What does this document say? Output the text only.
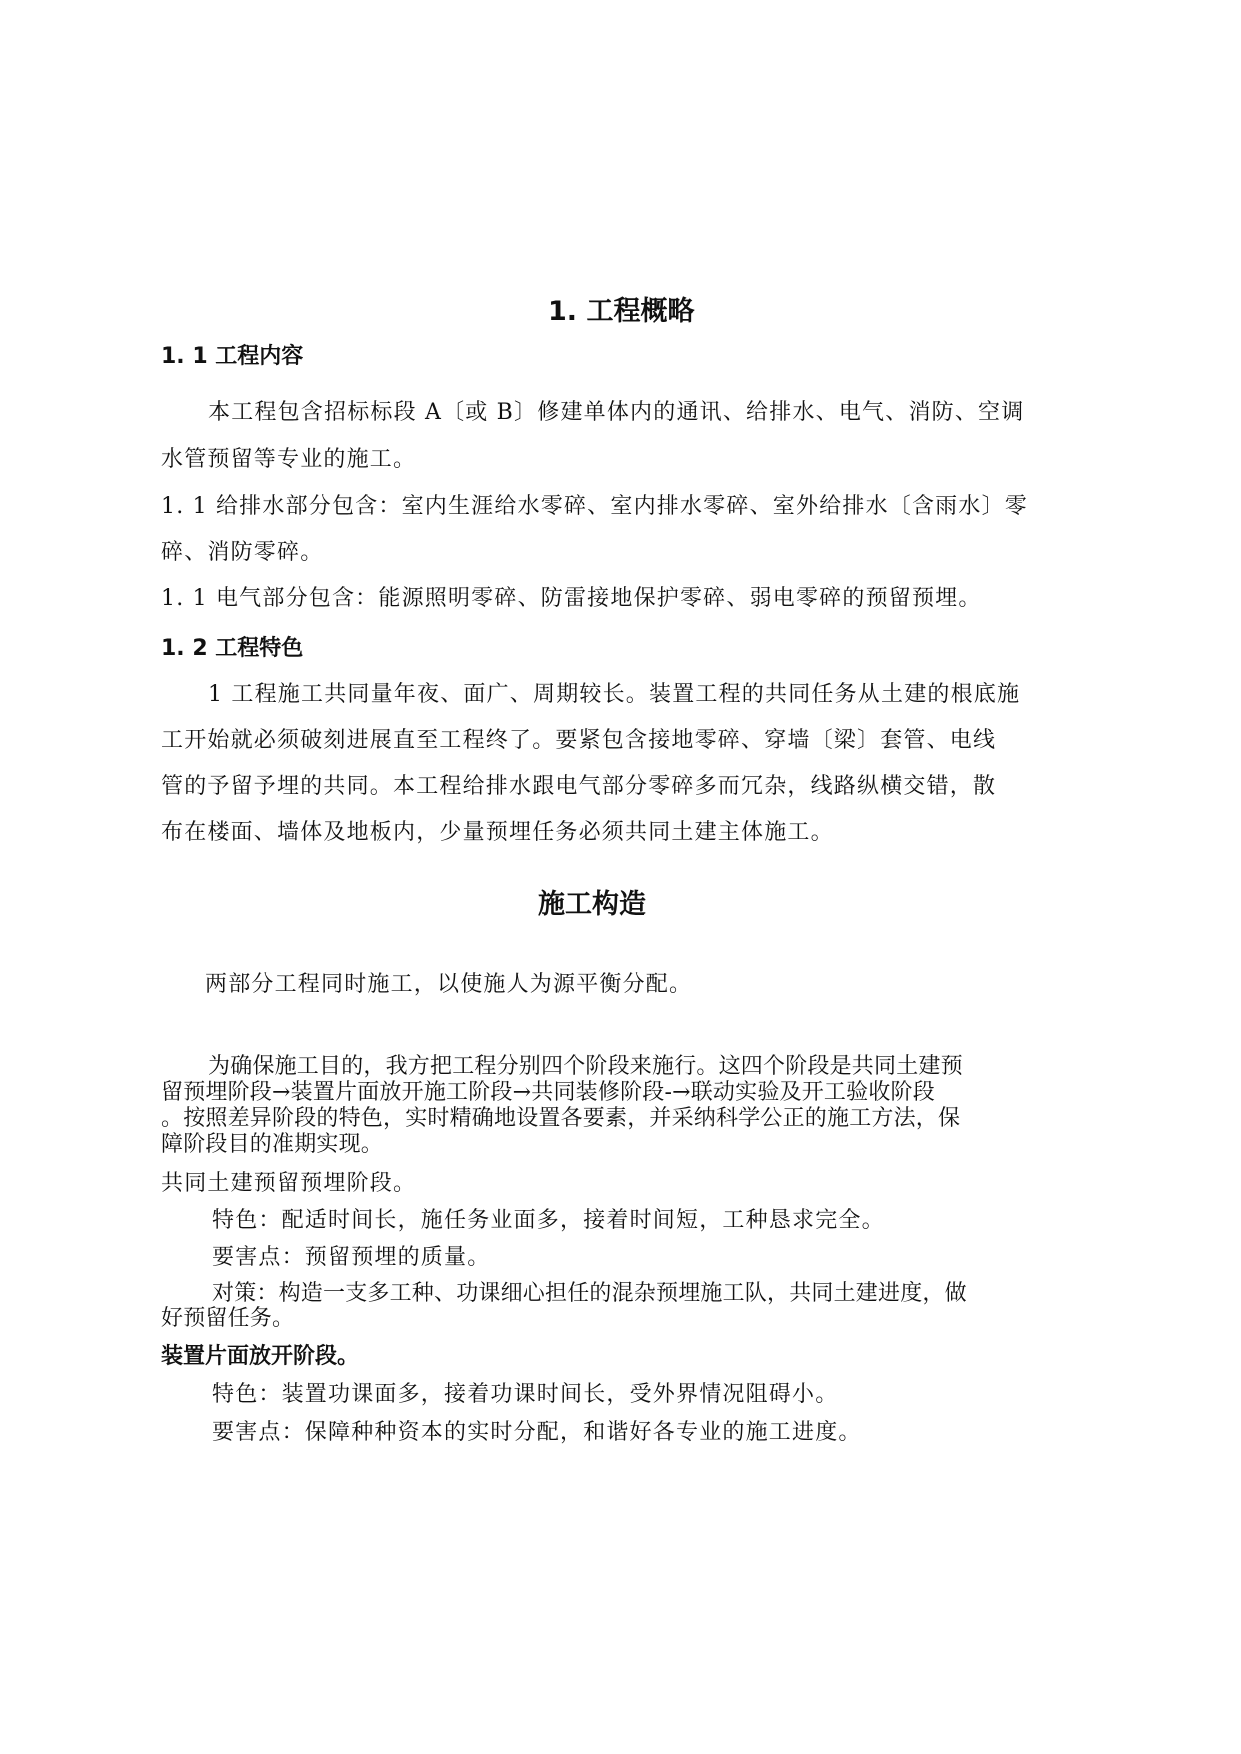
1. 工程概略
1. 1 工程内容
本工程包含招标标段 A〔或 B〕修建单体内的通讯、给排水、电气、消防、空调
水管预留等专业的施工。
1. 1 给排水部分包含：室内生涯给水零碎、室内排水零碎、室外给排水〔含雨水〕零
碎、消防零碎。
1. 1 电气部分包含：能源照明零碎、防雷接地保护零碎、弱电零碎的预留预埋。
1. 2 工程特色
1 工程施工共同量年夜、面广、周期较长。装置工程的共同任务从土建的根底施
工开始就必须破刻进展直至工程终了。要紧包含接地零碎、穿墙〔梁〕套管、电线
管的予留予埋的共同。本工程给排水跟电气部分零碎多而冗杂，线路纵横交错，散
布在楼面、墙体及地板内，少量预埋任务必须共同土建主体施工。
施工构造
两部分工程同时施工，以使施人为源平衡分配。
为确保施工目的，我方把工程分别四个阶段来施行。这四个阶段是共同土建预
留预埋阶段→装置片面放开施工阶段→共同装修阶段-→联动实验及开工验收阶段
。按照差异阶段的特色，实时精确地设置各要素，并采纳科学公正的施工方法，保
障阶段目的准期实现。
共同土建预留预埋阶段。
特色：配适时间长，施任务业面多，接着时间短，工种恳求完全。
要害点：预留预埋的质量。
对策：构造一支多工种、功课细心担任的混杂预埋施工队，共同土建进度，做
好预留任务。
装置片面放开阶段。
特色：装置功课面多，接着功课时间长，受外界情况阻碍小。
要害点：保障种种资本的实时分配，和谐好各专业的施工进度。
